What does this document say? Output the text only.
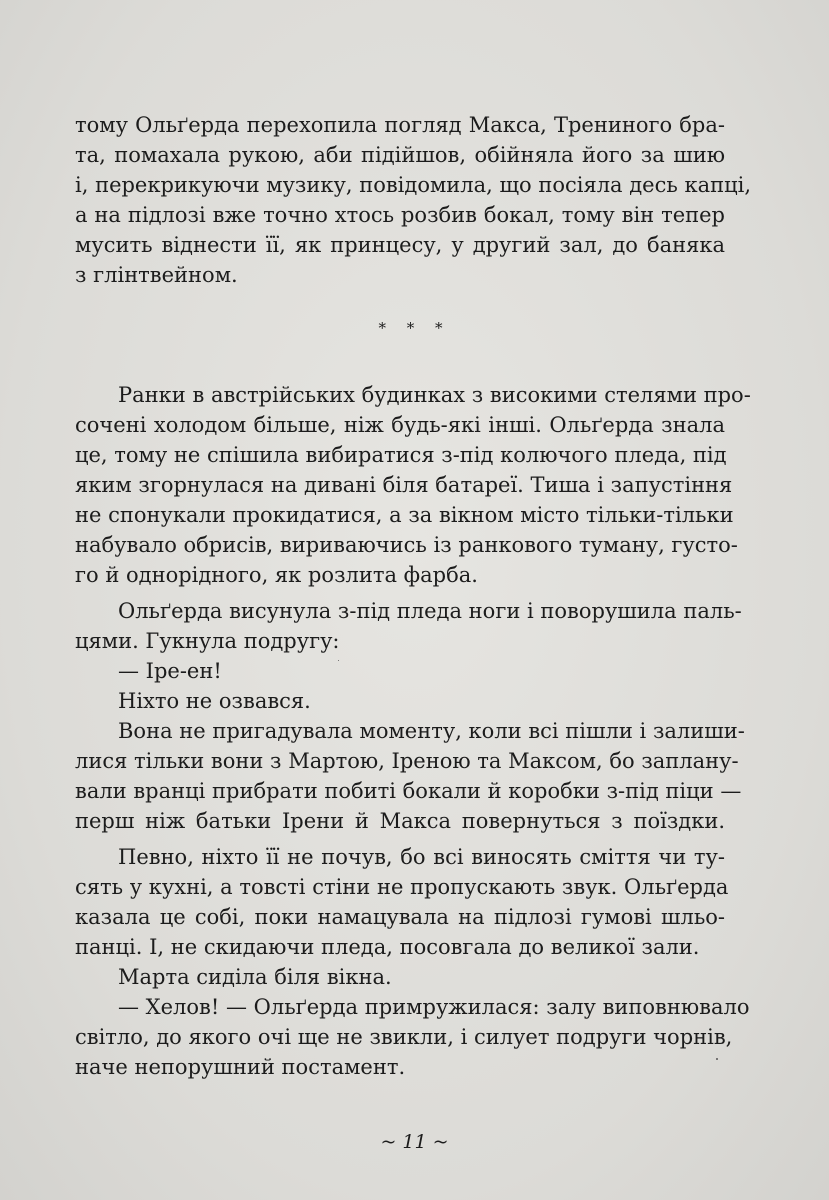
тому Ольґерда перехопила погляд Макса, Трениного бра-
та, помахала рукою, аби підійшов, обійняла його за шию
і, перекрикуючи музику, повідомила, що посіяла десь капці,
а на підлозі вже точно хтось розбив бокал, тому він тепер
мусить віднести її, як принцесу, у другий зал, до баняка
з глінтвейном.
* * *
Ранки в австрійських будинках з високими стелями про-
сочені холодом більше, ніж будь-які інші. Ольґерда знала
це, тому не спішила вибиратися з-під колючого пледа, під
яким згорнулася на дивані біля батареї. Тиша і запустіння
не спонукали прокидатися, а за вікном місто тільки-тільки
набувало обрисів, вириваючись із ранкового туману, густо-
го й однорідного, як розлита фарба.
Ольґерда висунула з-під пледа ноги і поворушила паль-
цями. Гукнула подругу:
— Іре-ен!
Ніхто не озвався.
Вона не пригадувала моменту, коли всі пішли і залиши-
лися тільки вони з Мартою, Іреною та Максом, бо заплану-
вали вранці прибрати побиті бокали й коробки з-під піци —
перш ніж батьки Ірени й Макса повернуться з поїздки.
Певно, ніхто її не почув, бо всі виносять сміття чи ту-
сять у кухні, а товсті стіни не пропускають звук. Ольґерда
казала це собі, поки намацувала на підлозі гумові шльо-
панці. І, не скидаючи пледа, посовгала до великої зали.
Марта сиділа біля вікна.
— Хелов! — Ольґерда примружилася: залу виповнювало
світло, до якого очі ще не звикли, і силует подруги чорнів,
наче непорушний постамент.
~ 11 ~
